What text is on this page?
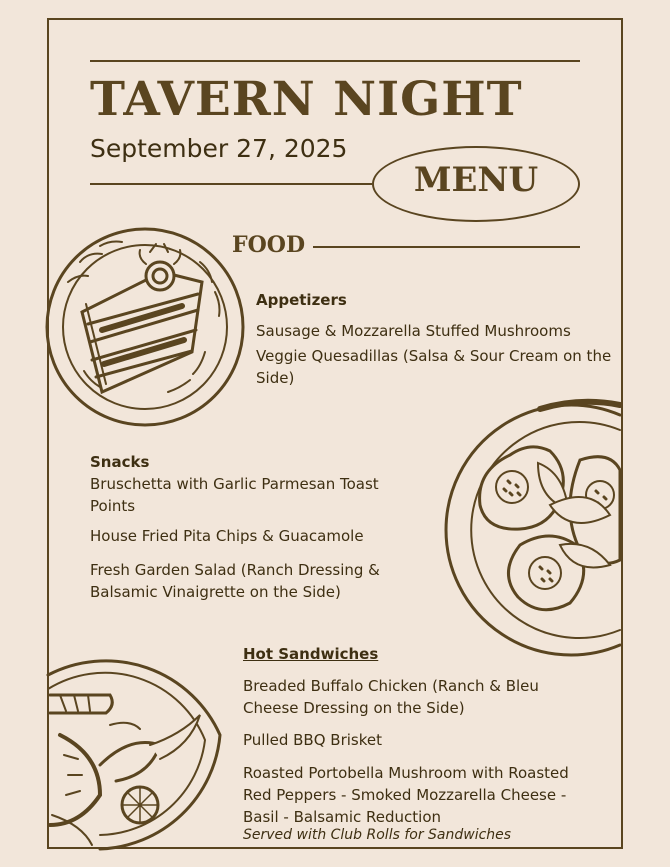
TAVERN NIGHT
September 27, 2025
MENU
FOOD
Appetizers
Sausage & Mozzarella Stuffed Mushrooms
Veggie Quesadillas (Salsa & Sour Cream on the Side)
Snacks
Bruschetta with Garlic Parmesan Toast Points
House Fried Pita Chips & Guacamole
Fresh Garden Salad (Ranch Dressing & Balsamic Vinaigrette on the Side)
Hot Sandwiches
Breaded Buffalo Chicken (Ranch & Bleu Cheese Dressing on the Side)
Pulled BBQ Brisket
Roasted Portobella Mushroom with Roasted Red Peppers - Smoked Mozzarella Cheese - Basil - Balsamic Reduction
Served with Club Rolls for Sandwiches
